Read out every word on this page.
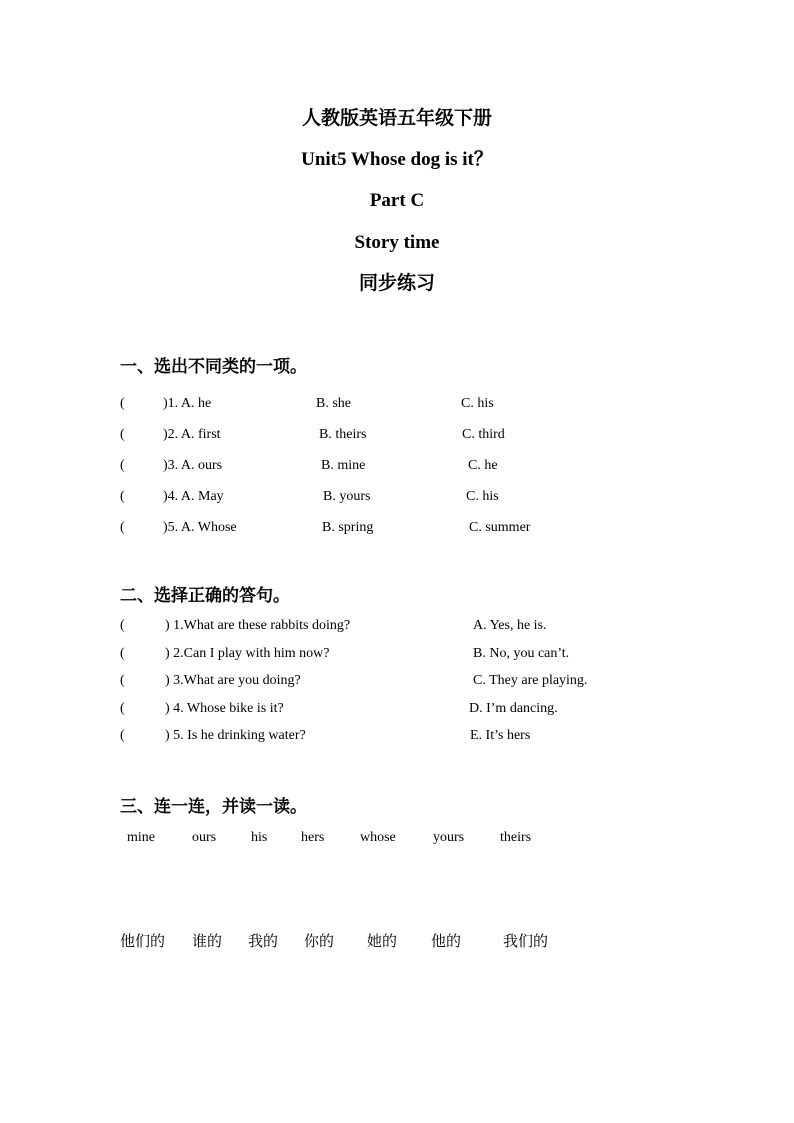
人教版英语五年级下册
Unit5 Whose dog is it？
Part C
Story time
同步练习
一、选出不同类的一项。
(	)1. A. he	B. she	C. his
(	)2. A. first	B. theirs	C. third
(	)3. A. ours	B. mine	C. he
(	)4. A. May	B. yours	C. his
(	)5. A. Whose	B. spring	C. summer
二、选择正确的答句。
(	) 1.What are these rabbits doing?	A. Yes, he is.
(	) 2.Can I play with him now?	B. No, you can’t.
(	) 3.What are you doing?	C. They are playing.
(	) 4. Whose bike is it?	D. I’m dancing.
(	) 5. Is he drinking water?	E. It’s hers
三、连一连，并读一读。
mine	ours his hers	whose	yours	theirs
他们的 谁的 我的 你的 她的 他的	我们的
